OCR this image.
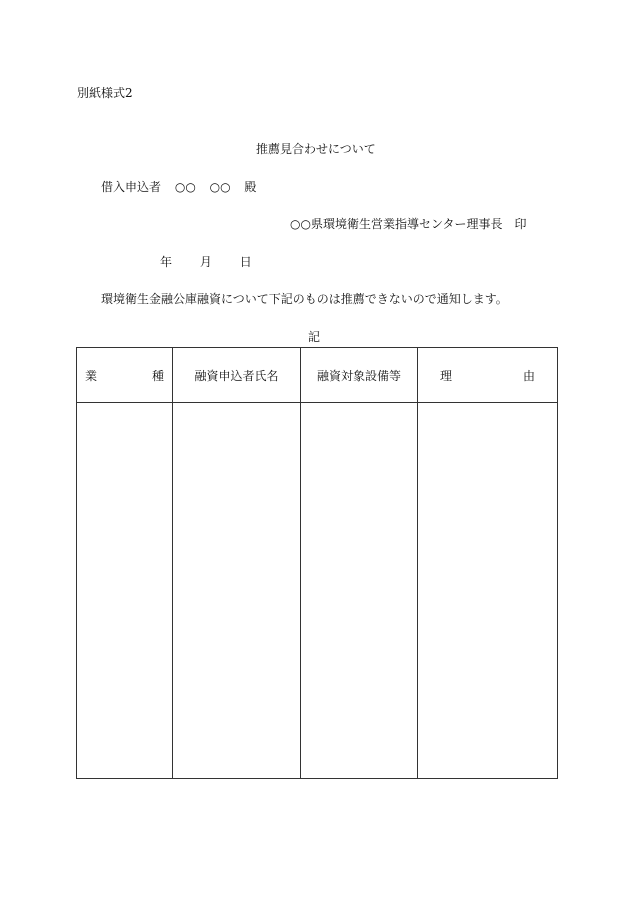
別紙様式2
推薦見合わせについて
借入申込者 ○○ ○○ 殿
○○県環境衛生営業指導センター理事長　印
年 月 日
環境衛生金融公庫融資について下記のものは推薦できないので通知します。
記
業 種	融資申込者氏名	融資対象設備等	理 由
